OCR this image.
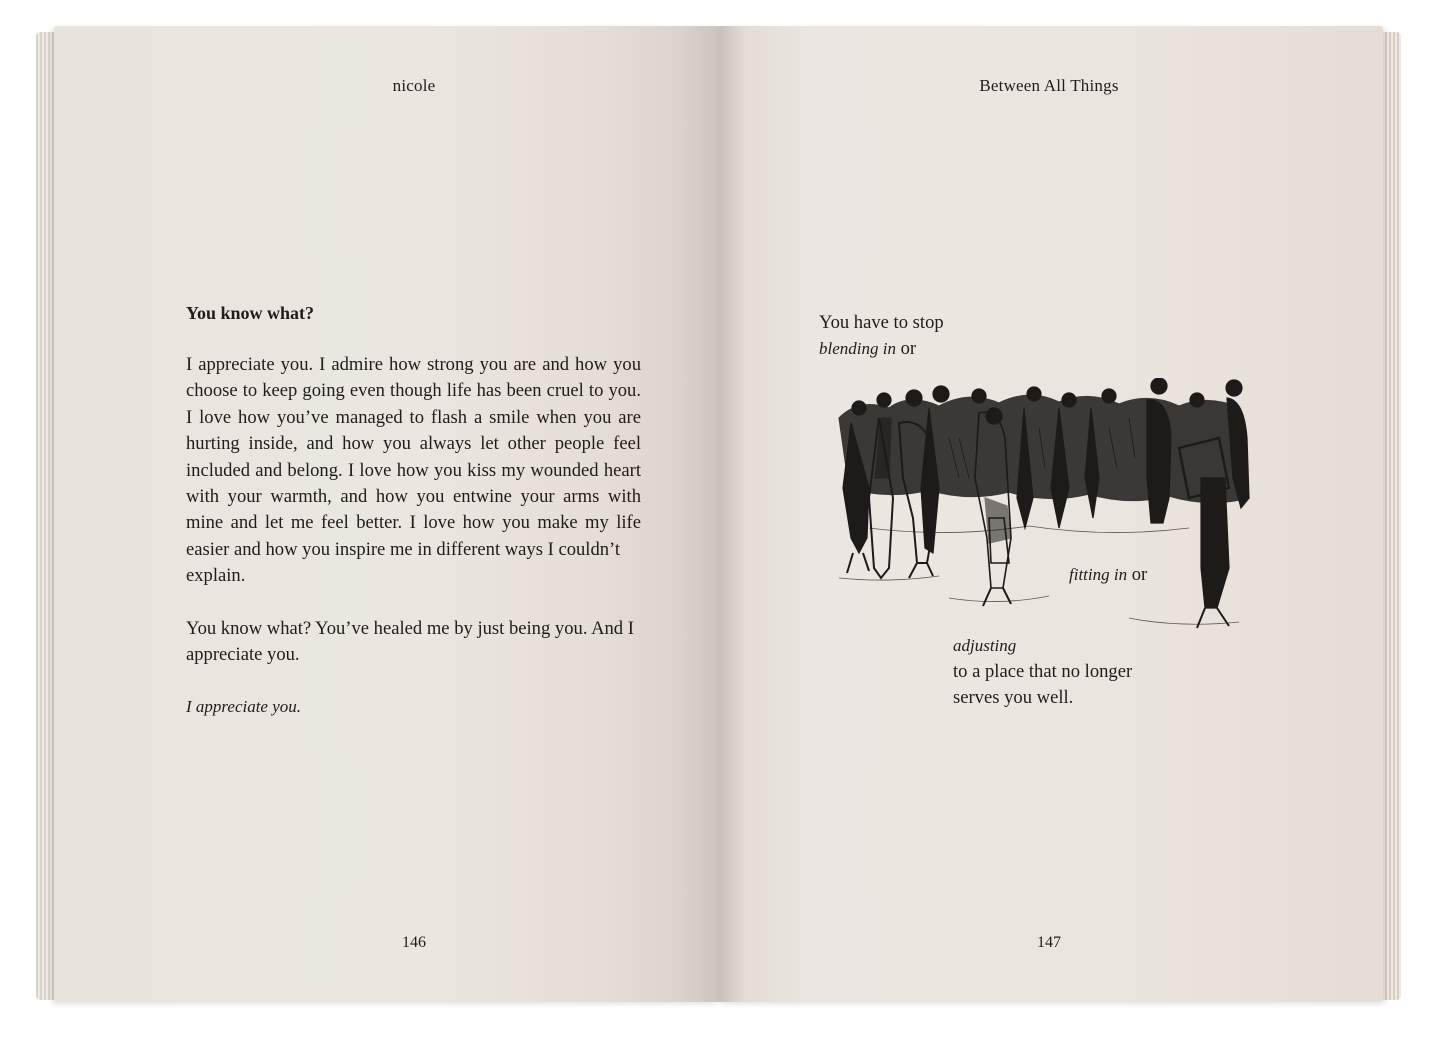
nicole
You know what?

I appreciate you. I admire how strong you are and how you choose to keep going even though life has been cruel to you. I love how you’ve managed to flash a smile when you are hurting inside, and how you always let other people feel included and belong. I love how you kiss my wounded heart with your warmth, and how you entwine your arms with mine and let me feel better. I love how you make my life easier and how you inspire me in different ways I couldn’t
explain.

You know what? You’ve healed me by just being you. And I appreciate you.

I appreciate you.
146
Between All Things
You have to stop
blending in or
fitting in or
adjusting
to a place that no longer
serves you well.
147
